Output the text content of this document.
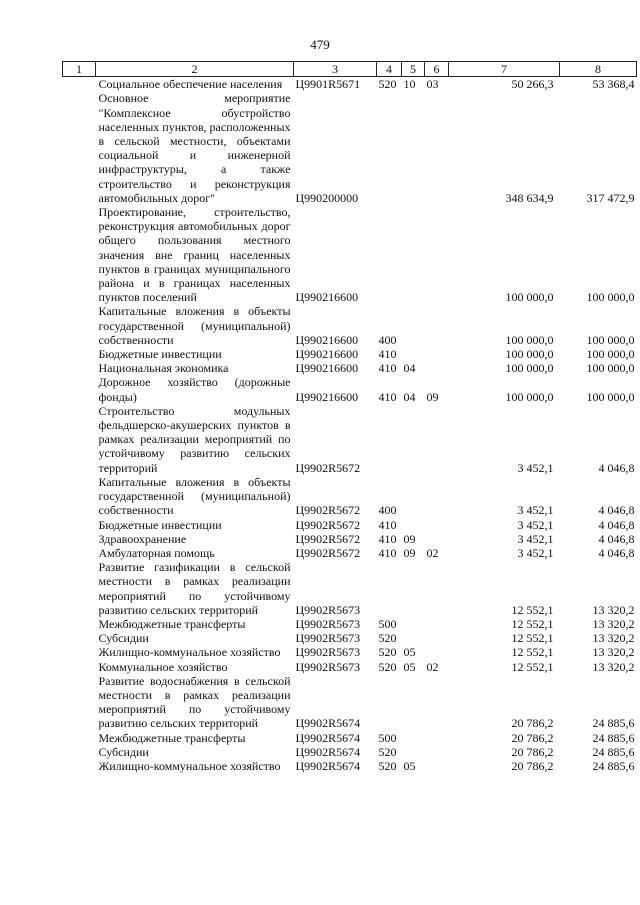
479
1	2	3	4	5	6	7	8
	Социальное обеспечение населения	Ц9901R5671	520	10	03	50 266,3	53 368,4
	Основное мероприятие "Комплексное обустройство населенных пунктов, расположенных в сельской местности, объектами социальной и инженерной инфраструктуры, а также строительство и реконструкция автомобильных дорог"	Ц990200000				348 634,9	317 472,9
	Проектирование, строительство, реконструкция автомобильных дорог общего пользования местного значения вне границ населенных пунктов в границах муниципального района и в границах населенных пунктов поселений	Ц990216600				100 000,0	100 000,0
	Капитальные вложения в объекты государственной (муниципальной) собственности	Ц990216600	400			100 000,0	100 000,0
	Бюджетные инвестиции	Ц990216600	410			100 000,0	100 000,0
	Национальная экономика	Ц990216600	410	04		100 000,0	100 000,0
	Дорожное хозяйство (дорожные фонды)	Ц990216600	410	04	09	100 000,0	100 000,0
	Строительство модульных фельдшерско-акушерских пунктов в рамках реализации мероприятий по устойчивому развитию сельских территорий	Ц9902R5672				3 452,1	4 046,8
	Капитальные вложения в объекты государственной (муниципальной) собственности	Ц9902R5672	400			3 452,1	4 046,8
	Бюджетные инвестиции	Ц9902R5672	410			3 452,1	4 046,8
	Здравоохранение	Ц9902R5672	410	09		3 452,1	4 046,8
	Амбулаторная помощь	Ц9902R5672	410	09	02	3 452,1	4 046,8
	Развитие газификации в сельской местности в рамках реализации мероприятий по устойчивому развитию сельских территорий	Ц9902R5673				12 552,1	13 320,2
	Межбюджетные трансферты	Ц9902R5673	500			12 552,1	13 320,2
	Субсидии	Ц9902R5673	520			12 552,1	13 320,2
	Жилищно-коммунальное хозяйство	Ц9902R5673	520	05		12 552,1	13 320,2
	Коммунальное хозяйство	Ц9902R5673	520	05	02	12 552,1	13 320,2
	Развитие водоснабжения в сельской местности в рамках реализации мероприятий по устойчивому развитию сельских территорий	Ц9902R5674				20 786,2	24 885,6
	Межбюджетные трансферты	Ц9902R5674	500			20 786,2	24 885,6
	Субсидии	Ц9902R5674	520			20 786,2	24 885,6
	Жилищно-коммунальное хозяйство	Ц9902R5674	520	05		20 786,2	24 885,6
